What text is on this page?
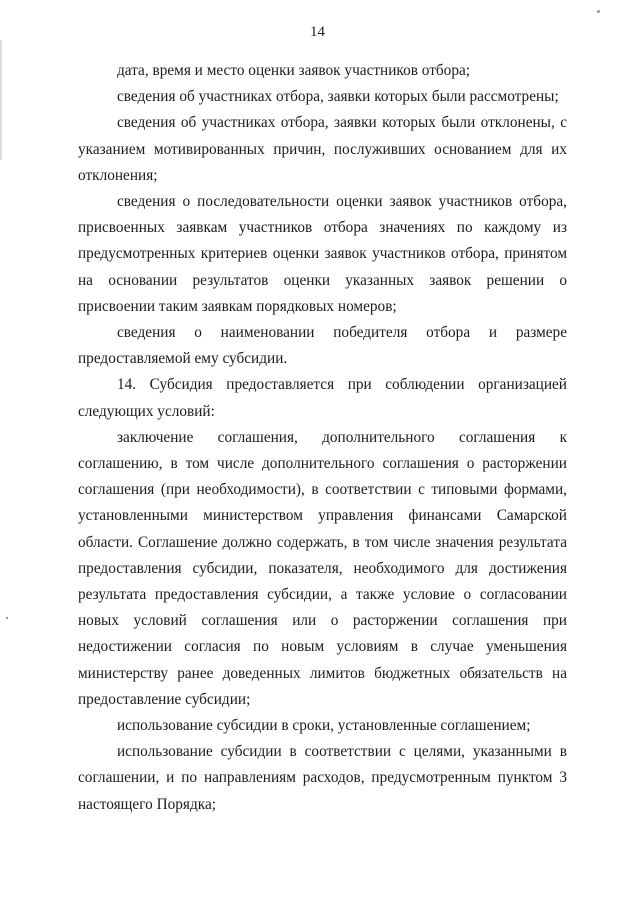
14

дата, время и место оценки заявок участников отбора;

сведения об участниках отбора, заявки которых были рассмотрены;

сведения об участниках отбора, заявки которых были отклонены, с указанием мотивированных причин, послуживших основанием для их отклонения;

сведения о последовательности оценки заявок участников отбора, присвоенных заявкам участников отбора значениях по каждому из предусмотренных критериев оценки заявок участников отбора, принятом на основании результатов оценки указанных заявок решении о присвоении таким заявкам порядковых номеров;

сведения о наименовании победителя отбора и размере предоставляемой ему субсидии.

14. Субсидия предоставляется при соблюдении организацией следующих условий:

заключение соглашения, дополнительного соглашения к соглашению, в том числе дополнительного соглашения о расторжении соглашения (при необходимости), в соответствии с типовыми формами, установленными министерством управления финансами Самарской области. Соглашение должно содержать, в том числе значения результата предоставления субсидии, показателя, необходимого для достижения результата предоставления субсидии, а также условие о согласовании новых условий соглашения или о расторжении соглашения при недостижении согласия по новым условиям в случае уменьшения министерству ранее доведенных лимитов бюджетных обязательств на предоставление субсидии;

использование субсидии в сроки, установленные соглашением;

использование субсидии в соответствии с целями, указанными в соглашении, и по направлениям расходов, предусмотренным пунктом 3 настоящего Порядка;
